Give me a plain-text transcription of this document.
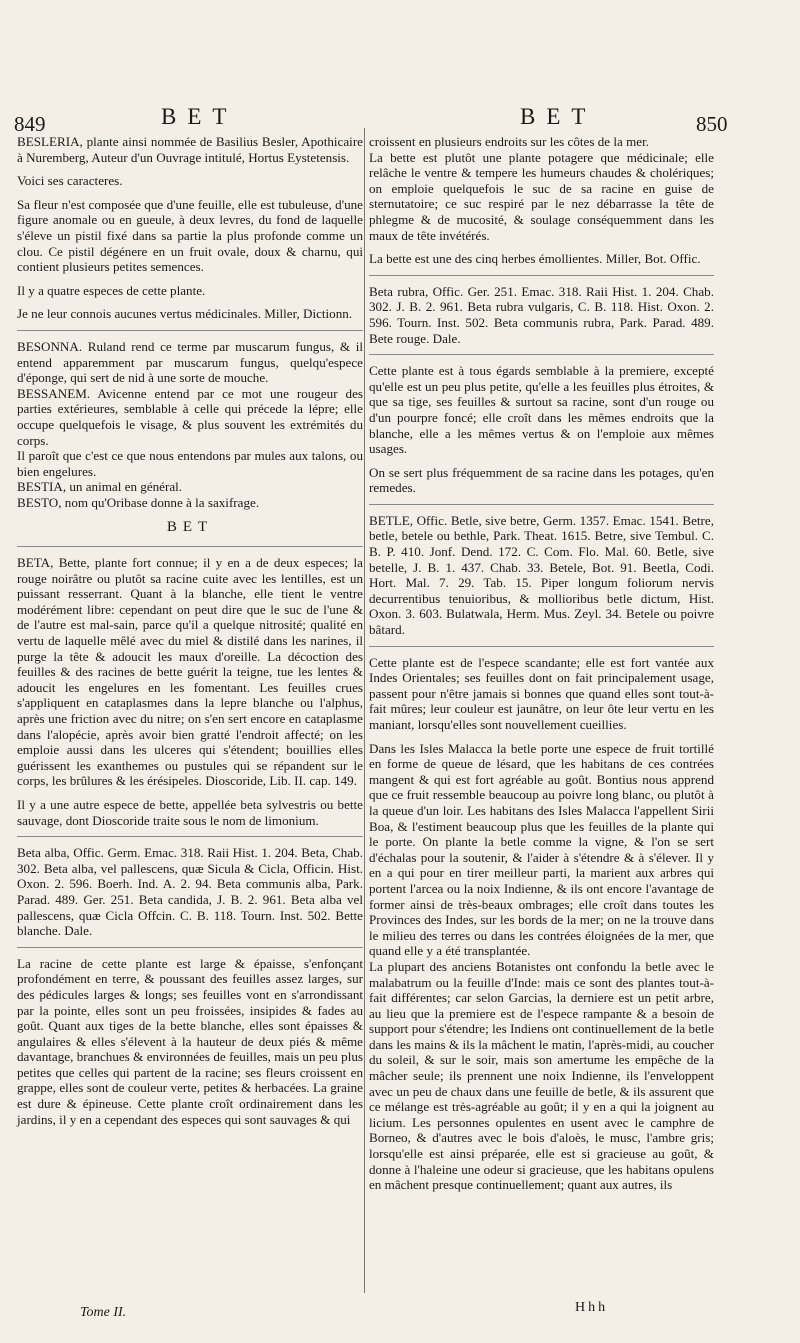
849	BET	BET	850

BESLERIA, plante ainsi nommée de Basilius Besler, Apothicaire à Nuremberg, Auteur d'un Ouvrage intitulé, Hortus Eystetensis.

Voici ses caracteres.

Sa fleur n'est composée que d'une feuille, elle est tubuleuse, d'une figure anomale ou en gueule, à deux levres, du fond de laquelle s'éleve un pistil fixé dans sa partie la plus profonde comme un clou. Ce pistil dégénere en un fruit ovale, doux & charnu, qui contient plusieurs petites semences.

Il y a quatre especes de cette plante.

Je ne leur connois aucunes vertus médicinales. Miller, Dictionn.

BESONNA. Ruland rend ce terme par muscarum fungus, & il entend apparemment par muscarum fungus, quelqu'espece d'éponge, qui sert de nid à une sorte de mouche.

BESSANEM. Avicenne entend par ce mot une rougeur des parties extérieures, semblable à celle qui précede la lépre; elle occupe quelquefois le visage, & plus souvent les extrémités du corps.

Il paroît que c'est ce que nous entendons par mules aux talons, ou bien engelures.

BESTIA, un animal en général.

BESTO, nom qu'Oribase donne à la saxifrage.

BET

BETA, Bette, plante fort connue; il y en a de deux especes; la rouge noirâtre ou plutôt sa racine cuite avec les lentilles, est un puissant resserrant. Quant à la blanche, elle tient le ventre modérément libre: cependant on peut dire que le suc de l'une & de l'autre est mal-sain, parce qu'il a quelque nitrosité; qualité en vertu de laquelle mêlé avec du miel & distilé dans les narines, il purge la tête & adoucit les maux d'oreille. La décoction des feuilles & des racines de bette guérit la teigne, tue les lentes & adoucit les engelures en les fomentant. Les feuilles crues s'appliquent en cataplasmes dans la lepre blanche ou l'alphus, après une friction avec du nitre; on s'en sert encore en cataplasme dans l'alopécie, après avoir bien gratté l'endroit affecté; on les emploie aussi dans les ulceres qui s'étendent; bouillies elles guérissent les exanthemes ou pustules qui se répandent sur le corps, les brûlures & les érésipeles. Dioscoride, Lib. II. cap. 149.

Il y a une autre espece de bette, appellée beta sylvestris ou bette sauvage, dont Dioscoride traite sous le nom de limonium.

Beta alba, Offic. Germ. Emac. 318. Raii Hist. 1. 204. Beta, Chab. 302. Beta alba, vel pallescens, quæ Sicula & Cicla, Officin. Hist. Oxon. 2. 596. Boerh. Ind. A. 2. 94. Beta communis alba, Park. Parad. 489. Ger. 251. Beta candida, J. B. 2. 961. Beta alba vel pallescens, quæ Cicla Offcin. C. B. 118. Tourn. Inst. 502. Bette blanche. Dale.

La racine de cette plante est large & épaisse, s'enfonçant profondément en terre, & poussant des feuilles assez larges, sur des pédicules larges & longs; ses feuilles vont en s'arrondissant par la pointe, elles sont un peu froissées, insipides & fades au goût. Quant aux tiges de la bette blanche, elles sont épaisses & angulaires & elles s'élevent à la hauteur de deux piés & même davantage, branchues & environnées de feuilles, mais un peu plus petites que celles qui partent de la racine; ses fleurs croissent en grappe, elles sont de couleur verte, petites & herbacées. La graine est dure & épineuse. Cette plante croît ordinairement dans les jardins, il y en a cependant des especes qui sont sauvages & qui

croissent en plusieurs endroits sur les côtes de la mer.

La bette est plutôt une plante potagere que médicinale; elle relâche le ventre & tempere les humeurs chaudes & cholériques; on emploie quelquefois le suc de sa racine en guise de sternutatoire; ce suc respiré par le nez débarrasse la tête de phlegme & de mucosité, & soulage conséquemment dans les maux de tête invétérés.

La bette est une des cinq herbes émollientes. Miller, Bot. Offic.

Beta rubra, Offic. Ger. 251. Emac. 318. Raii Hist. 1. 204. Chab. 302. J. B. 2. 961. Beta rubra vulgaris, C. B. 118. Hist. Oxon. 2. 596. Tourn. Inst. 502. Beta communis rubra, Park. Parad. 489. Bete rouge. Dale.

Cette plante est à tous égards semblable à la premiere, excepté qu'elle est un peu plus petite, qu'elle a les feuilles plus étroites, & que sa tige, ses feuilles & surtout sa racine, sont d'un rouge ou d'un pourpre foncé; elle croît dans les mêmes endroits que la blanche, elle a les mêmes vertus & on l'emploie aux mêmes usages.

On se sert plus fréquemment de sa racine dans les potages, qu'en remedes.

BETLE, Offic. Betle, sive betre, Germ. 1357. Emac. 1541. Betre, betle, betele ou bethle, Park. Theat. 1615. Betre, sive Tembul. C. B. P. 410. Jonf. Dend. 172. C. Com. Flo. Mal. 60. Betle, sive betelle, J. B. 1. 437. Chab. 33. Betele, Bot. 91. Beetla, Codi. Hort. Mal. 7. 29. Tab. 15. Piper longum foliorum nervis decurrentibus tenuioribus, & mollioribus betle dictum, Hist. Oxon. 3. 603. Bulatwala, Herm. Mus. Zeyl. 34. Betele ou poivre bâtard.

Cette plante est de l'espece scandante; elle est fort vantée aux Indes Orientales; ses feuilles dont on fait principalement usage, passent pour n'être jamais si bonnes que quand elles sont tout-à-fait mûres; leur couleur est jaunâtre, on leur ôte leur vertu en les maniant, lorsqu'elles sont nouvellement cueillies.

Dans les Isles Malacca la betle porte une espece de fruit tortillé en forme de queue de lésard, que les habitans de ces contrées mangent & qui est fort agréable au goût. Bontius nous apprend que ce fruit ressemble beaucoup au poivre long blanc, ou plutôt à la queue d'un loir. Les habitans des Isles Malacca l'appellent Sirii Boa, & l'estiment beaucoup plus que les feuilles de la plante qui le porte. On plante la betle comme la vigne, & l'on se sert d'échalas pour la soutenir, & l'aider à s'étendre & à s'élever. Il y en a qui pour en tirer meilleur parti, la marient aux arbres qui portent l'arcea ou la noix Indienne, & ils ont encore l'avantage de former ainsi de très-beaux ombrages; elle croît dans toutes les Provinces des Indes, sur les bords de la mer; on ne la trouve dans le milieu des terres ou dans les contrées éloignées de la mer, que quand elle y a été transplantée.

La plupart des anciens Botanistes ont confondu la betle avec le malabatrum ou la feuille d'Inde: mais ce sont des plantes tout-à-fait différentes; car selon Garcias, la derniere est un petit arbre, au lieu que la premiere est de l'espece rampante & a besoin de support pour s'étendre; les Indiens ont continuellement de la betle dans les mains & ils la mâchent le matin, l'après-midi, au coucher du soleil, & sur le soir, mais son amertume les empêche de la mâcher seule; ils prennent une noix Indienne, ils l'enveloppent avec un peu de chaux dans une feuille de betle, & ils assurent que ce mélange est très-agréable au goût; il y en a qui la joignent au licium. Les personnes opulentes en usent avec le camphre de Borneo, & d'autres avec le bois d'aloès, le musc, l'ambre gris; lorsqu'elle est ainsi préparée, elle est si gracieuse au goût, & donne à l'haleine une odeur si gracieuse, que les habitans opulens en mâchent presque continuellement; quant aux autres, ils

Tome II.	Hhh
